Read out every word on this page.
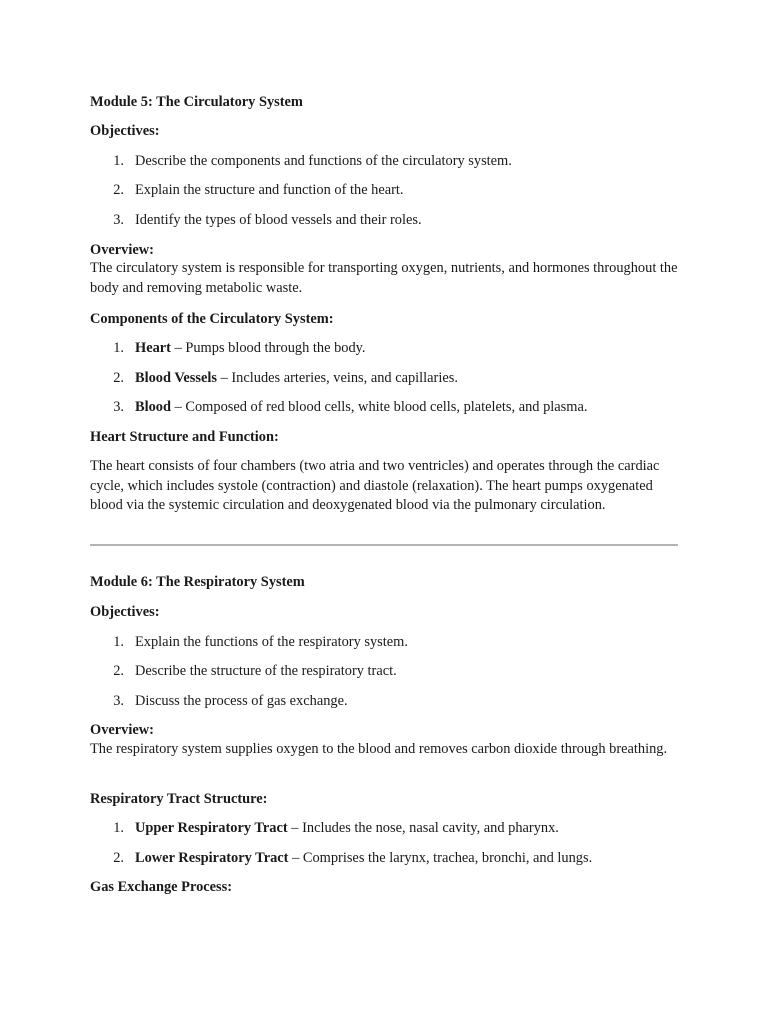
Module 5: The Circulatory System
Objectives:
1. Describe the components and functions of the circulatory system.
2. Explain the structure and function of the heart.
3. Identify the types of blood vessels and their roles.
Overview:
The circulatory system is responsible for transporting oxygen, nutrients, and hormones throughout the body and removing metabolic waste.
Components of the Circulatory System:
1. Heart – Pumps blood through the body.
2. Blood Vessels – Includes arteries, veins, and capillaries.
3. Blood – Composed of red blood cells, white blood cells, platelets, and plasma.
Heart Structure and Function:
The heart consists of four chambers (two atria and two ventricles) and operates through the cardiac cycle, which includes systole (contraction) and diastole (relaxation). The heart pumps oxygenated blood via the systemic circulation and deoxygenated blood via the pulmonary circulation.
Module 6: The Respiratory System
Objectives:
1. Explain the functions of the respiratory system.
2. Describe the structure of the respiratory tract.
3. Discuss the process of gas exchange.
Overview:
The respiratory system supplies oxygen to the blood and removes carbon dioxide through breathing.
Respiratory Tract Structure:
1. Upper Respiratory Tract – Includes the nose, nasal cavity, and pharynx.
2. Lower Respiratory Tract – Comprises the larynx, trachea, bronchi, and lungs.
Gas Exchange Process:
